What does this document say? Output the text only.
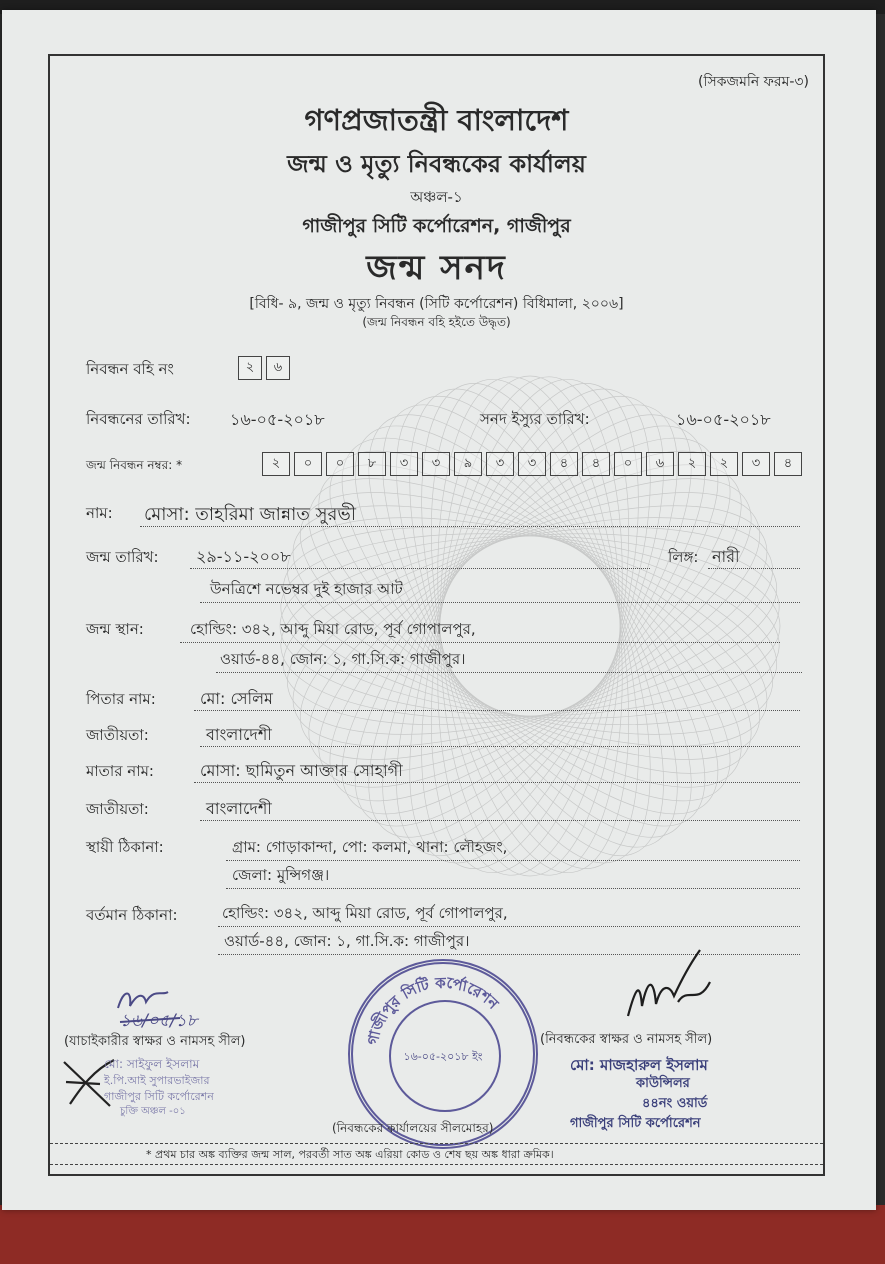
(সিকজমনি ফরম-৩)
গণপ্রজাতন্ত্রী বাংলাদেশ
জন্ম ও মৃত্যু নিবন্ধকের কার্যালয়
অঞ্চল-১
গাজীপুর সিটি কর্পোরেশন, গাজীপুর
জন্ম সনদ
[বিধি- ৯, জন্ম ও মৃত্যু নিবন্ধন (সিটি কর্পোরেশন) বিধিমালা, ২০০৬]
(জন্ম নিবন্ধন বহি হইতে উদ্ধৃত)
নিবন্ধন বহি নং	২	৬
নিবন্ধনের তারিখ: ১৬-০৫-২০১৮	সনদ ইস্যুর তারিখ:	১৬-০৫-২০১৮
জন্ম নিবন্ধন নম্বর: *	২	০	০	৮	৩	৩	৯	৩	৩	৪	৪	০	৬	২	২	৩	৪
নাম: মোসা: তাহরিমা জান্নাত সুরভী
জন্ম তারিখ: ২৯-১১-২০০৮	লিঙ্গ: নারী
উনত্রিশে নভেম্বর দুই হাজার আট
জন্ম স্থান:	হোল্ডিং: ৩৪২, আব্দু মিয়া রোড, পূর্ব গোপালপুর,
ওয়ার্ড-৪৪, জোন: ১, গা.সি.ক: গাজীপুর।
পিতার নাম:	মো: সেলিম
জাতীয়তা:	বাংলাদেশী
মাতার নাম:	মোসা: ছামিতুন আক্তার সোহাগী
জাতীয়তা:	বাংলাদেশী
স্থায়ী ঠিকানা:	গ্রাম: গোড়াকান্দা, পো: কলমা, থানা: লৌহজং,
জেলা: মুন্সিগঞ্জ।
বর্তমান ঠিকানা:	হোল্ডিং: ৩৪২, আব্দু মিয়া রোড, পূর্ব গোপালপুর,
ওয়ার্ড-৪৪, জোন: ১, গা.সি.ক: গাজীপুর।
১৬/০৫/১৮
(যাচাইকারীর স্বাক্ষর ও নামসহ সীল)
মো: সাইফুল ইসলাম
ই.পি.আই সুপারভাইজার
গাজীপুর সিটি কর্পোরেশন
চুক্তি অঞ্চল -০১
গাজীপুর সিটি কর্পোরেশন
১৬-০৫-২০১৮ ইং
(নিবন্ধকের কার্যালয়ের সীলমোহর)
(নিবন্ধকের স্বাক্ষর ও নামসহ সীল)
মো: মাজহারুল ইসলাম
কাউন্সিলর
৪৪নং ওয়ার্ড
গাজীপুর সিটি কর্পোরেশন
* প্রথম চার অঙ্ক ব্যক্তির জন্ম সাল, পরবর্তী সাত অঙ্ক এরিয়া কোড ও শেষ ছয় অঙ্ক ধারা ক্রমিক।
